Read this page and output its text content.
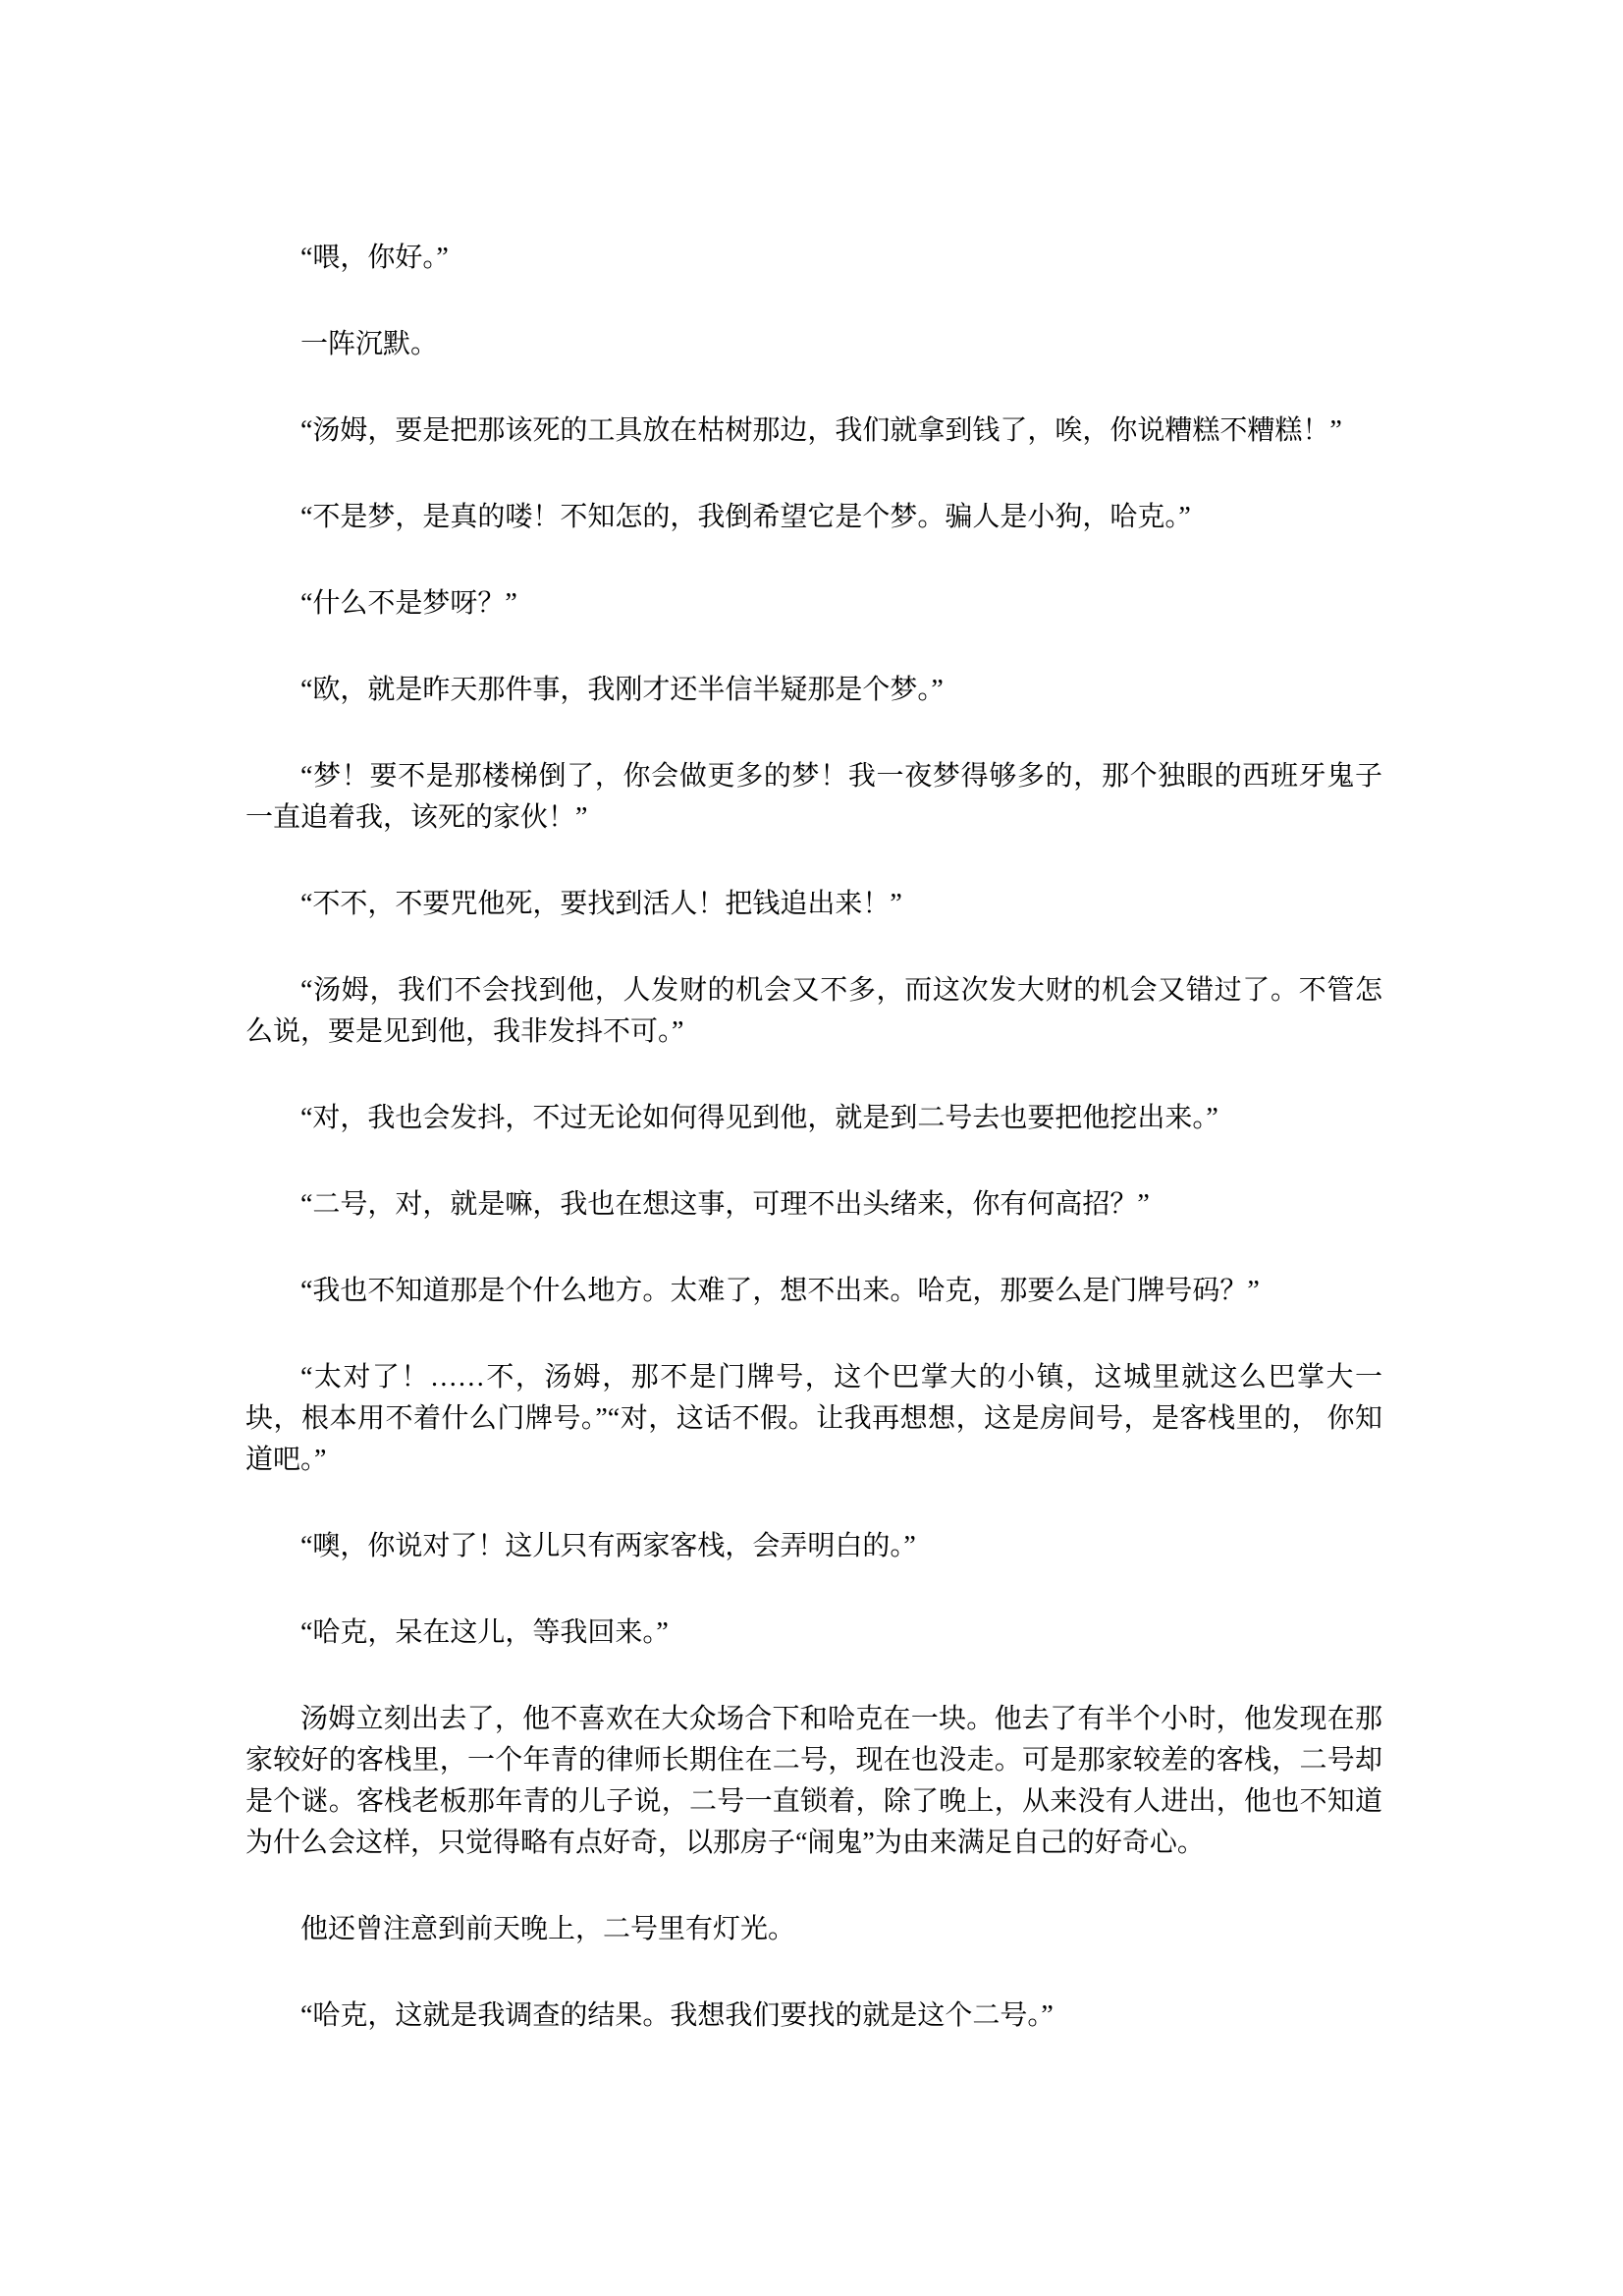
“喂，你好。”

一阵沉默。

“汤姆，要是把那该死的工具放在枯树那边，我们就拿到钱了，唉，你说糟糕不糟糕！”

“不是梦，是真的喽！不知怎的，我倒希望它是个梦。骗人是小狗，哈克。”

“什么不是梦呀？”

“欧，就是昨天那件事，我刚才还半信半疑那是个梦。”

“梦！要不是那楼梯倒了，你会做更多的梦！我一夜梦得够多的，那个独眼的西班牙鬼子一直追着我，该死的家伙！”

“不不，不要咒他死，要找到活人！把钱追出来！”

“汤姆，我们不会找到他，人发财的机会又不多，而这次发大财的机会又错过了。不管怎么说，要是见到他，我非发抖不可。”

“对，我也会发抖，不过无论如何得见到他，就是到二号去也要把他挖出来。”

“二号，对，就是嘛，我也在想这事，可理不出头绪来，你有何高招？”

“我也不知道那是个什么地方。太难了，想不出来。哈克，那要么是门牌号码？”

“太对了！……不，汤姆，那不是门牌号，这个巴掌大的小镇，这城里就这么巴掌大一块，根本用不着什么门牌号。”“对，这话不假。让我再想想，这是房间号，是客栈里的， 你知道吧。”

“噢，你说对了！这儿只有两家客栈，会弄明白的。”

“哈克，呆在这儿，等我回来。”

汤姆立刻出去了，他不喜欢在大众场合下和哈克在一块。他去了有半个小时，他发现在那家较好的客栈里，一个年青的律师长期住在二号，现在也没走。可是那家较差的客栈，二号却是个谜。客栈老板那年青的儿子说，二号一直锁着，除了晚上，从来没有人进出，他也不知道为什么会这样，只觉得略有点好奇，以那房子“闹鬼”为由来满足自己的好奇心。

他还曾注意到前天晚上，二号里有灯光。

“哈克，这就是我调查的结果。我想我们要找的就是这个二号。”
